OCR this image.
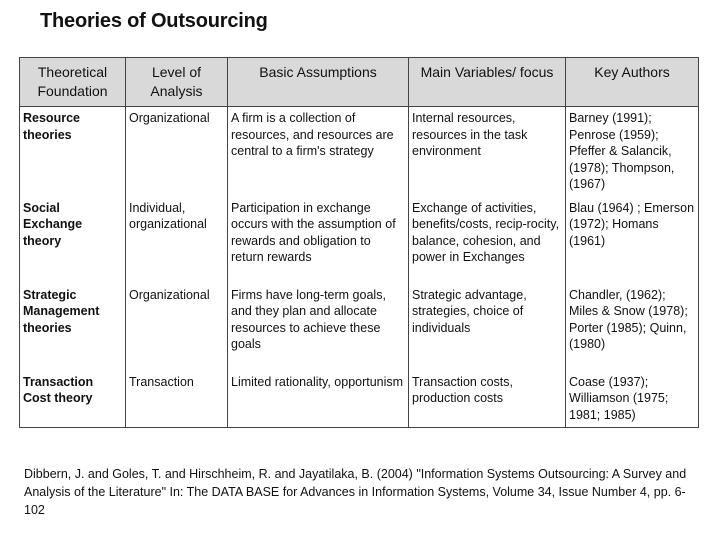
Theories of Outsourcing
Theoretical Foundation	Level of Analysis	Basic Assumptions	Main Variables/ focus	Key Authors
Resource theories	Organizational	A firm is a collection of resources, and resources are central to a firm's strategy	Internal resources, resources in the task environment	Barney (1991); Penrose (1959); Pfeffer & Salancik, (1978); Thompson, (1967)
Social Exchange theory	Individual, organizational	Participation in exchange occurs with the assumption of rewards and obligation to return rewards	Exchange of activities, benefits/costs, recip-rocity, balance, cohesion, and power in Exchanges	Blau (1964) ; Emerson (1972); Homans (1961)
Strategic Management theories	Organizational	Firms have long-term goals, and they plan and allocate resources to achieve these goals	Strategic advantage, strategies, choice of individuals	Chandler, (1962); Miles & Snow (1978); Porter (1985); Quinn, (1980)
Transaction Cost theory	Transaction	Limited rationality, opportunism	Transaction costs, production costs	Coase (1937); Williamson (1975; 1981; 1985)
Dibbern, J. and Goles, T. and Hirschheim, R. and Jayatilaka, B. (2004) "Information Systems Outsourcing: A Survey and Analysis of the Literature" In: The DATA BASE for Advances in Information Systems, Volume 34, Issue Number 4, pp. 6-102
